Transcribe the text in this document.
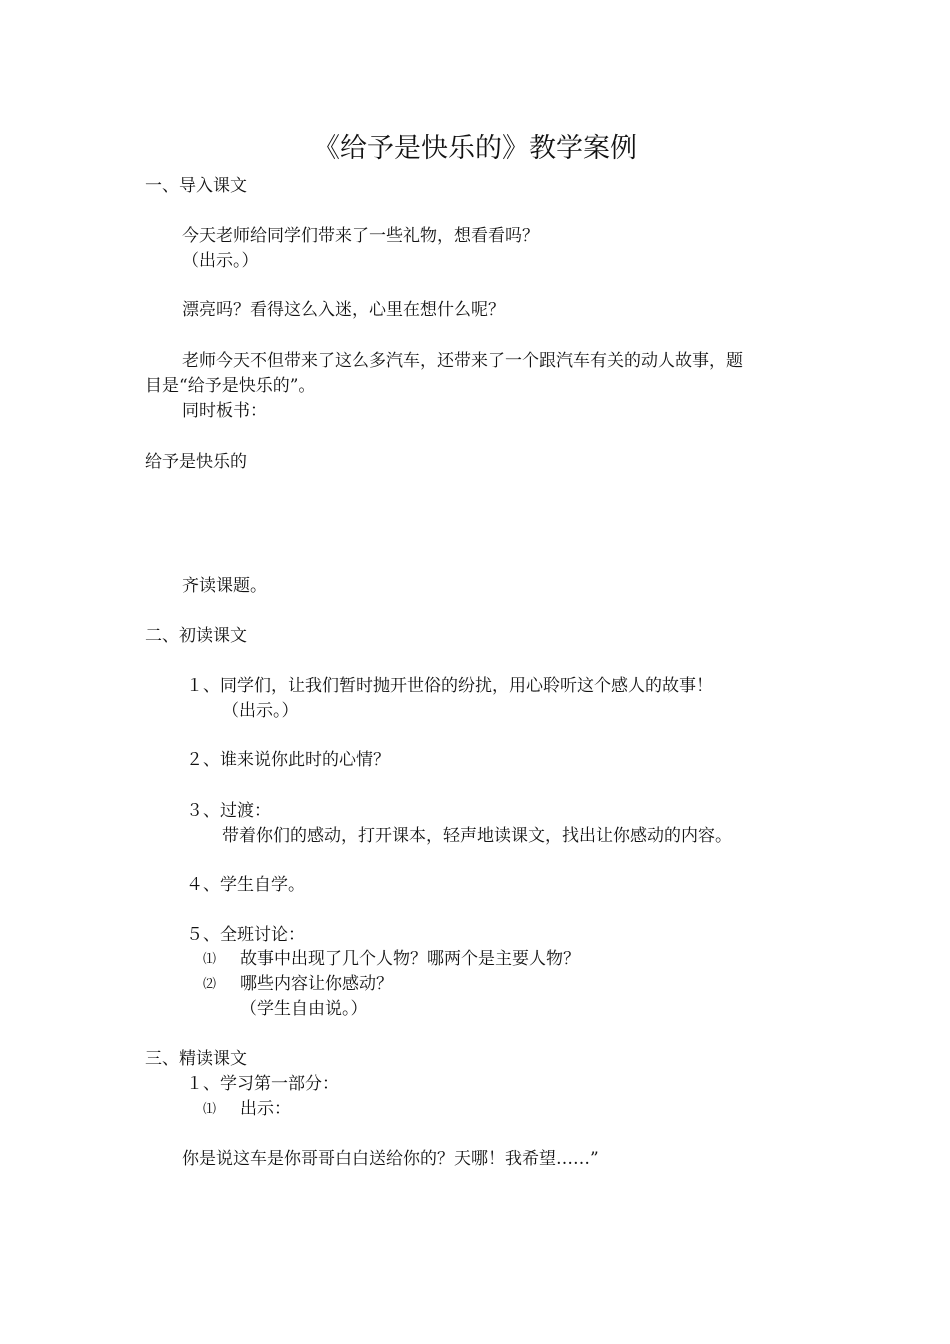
《给予是快乐的》教学案例
一、导入课文
今天老师给同学们带来了一些礼物，想看看吗？
（出示。）
漂亮吗？看得这么入迷，心里在想什么呢？
老师今天不但带来了这么多汽车，还带来了一个跟汽车有关的动人故事，题
目是“给予是快乐的”。
同时板书：
给予是快乐的
齐读课题。
二、初读课文
１、同学们，让我们暂时抛开世俗的纷扰，用心聆听这个感人的故事！
（出示。）
２、谁来说你此时的心情？
３、过渡：
带着你们的感动，打开课本，轻声地读课文，找出让你感动的内容。
４、学生自学。
５、全班讨论：
⑴ 故事中出现了几个人物？哪两个是主要人物？
⑵ 哪些内容让你感动？
（学生自由说。）
三、精读课文
１、学习第一部分：
⑴ 出示：
你是说这车是你哥哥白白送给你的？天哪！我希望……”
